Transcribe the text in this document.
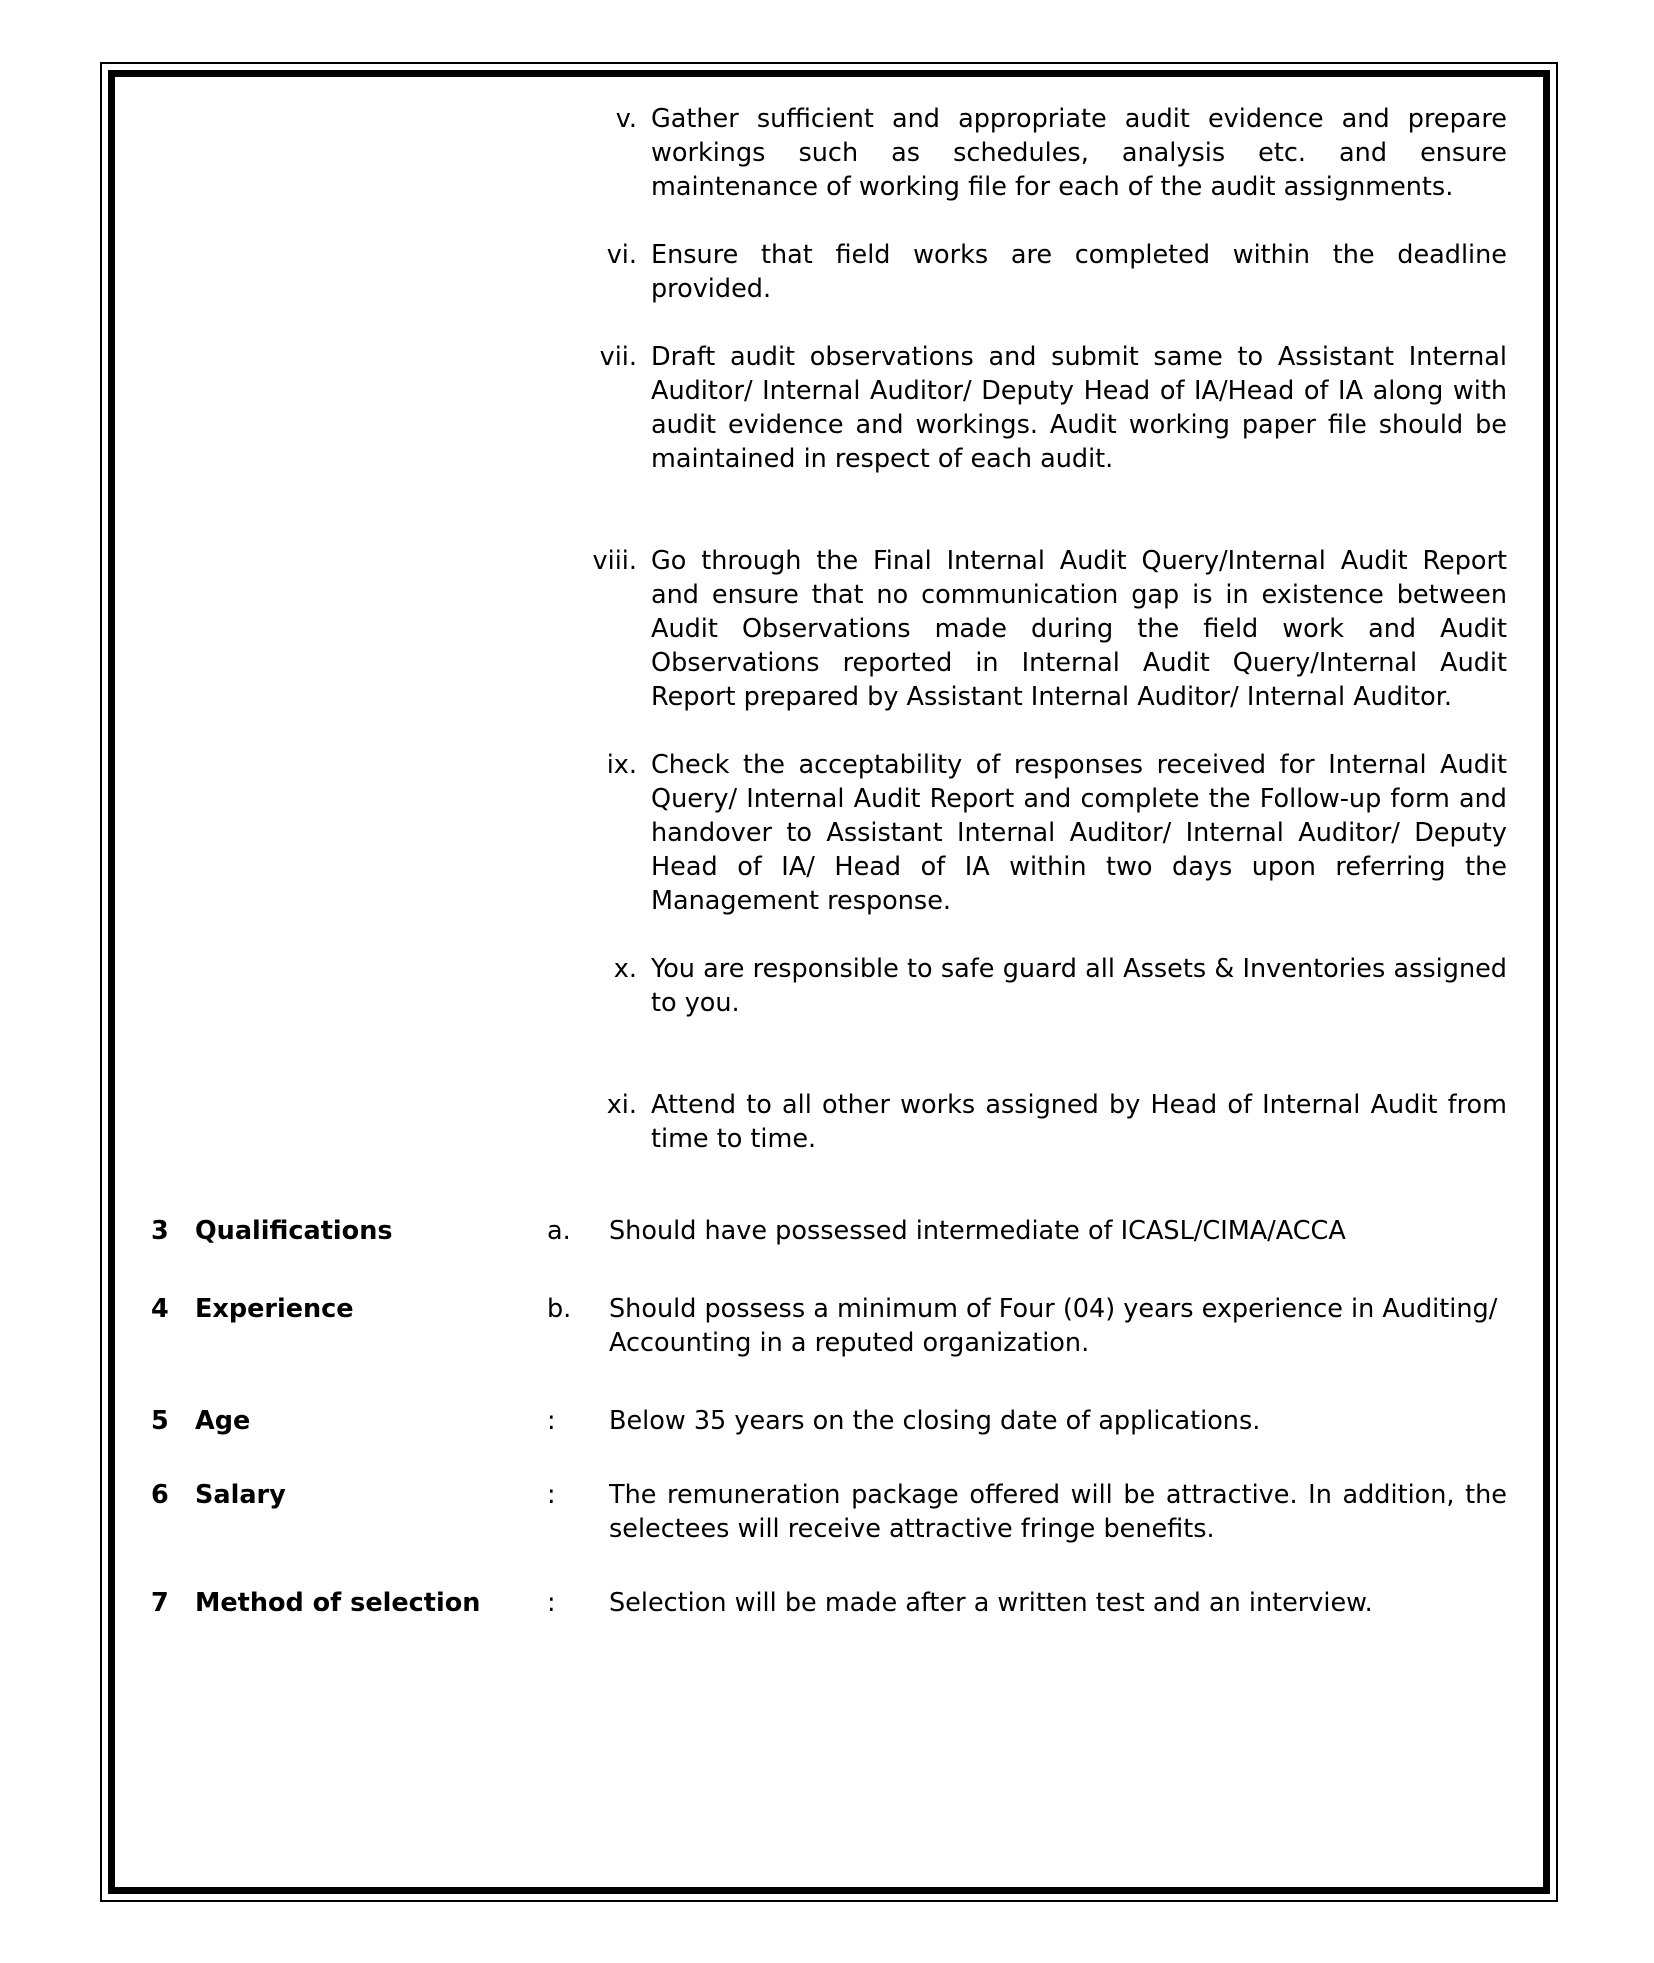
v. Gather sufficient and appropriate audit evidence and prepare workings such as schedules, analysis etc. and ensure maintenance of working file for each of the audit assignments.
vi. Ensure that field works are completed within the deadline provided.
vii. Draft audit observations and submit same to Assistant Internal Auditor/ Internal Auditor/ Deputy Head of IA/Head of IA along with audit evidence and workings. Audit working paper file should be maintained in respect of each audit.
viii. Go through the Final Internal Audit Query/Internal Audit Report and ensure that no communication gap is in existence between Audit Observations made during the field work and Audit Observations reported in Internal Audit Query/Internal Audit Report prepared by Assistant Internal Auditor/ Internal Auditor.
ix. Check the acceptability of responses received for Internal Audit Query/ Internal Audit Report and complete the Follow-up form and handover to Assistant Internal Auditor/ Internal Auditor/ Deputy Head of IA/ Head of IA within two days upon referring the Management response.
x. You are responsible to safe guard all Assets & Inventories assigned to you.
xi. Attend to all other works assigned by Head of Internal Audit from time to time.
3	Qualifications	a.	Should have possessed intermediate of ICASL/CIMA/ACCA
4	Experience	b.	Should possess a minimum of Four (04) years experience in Auditing/ Accounting in a reputed organization.
5	Age	:	Below 35 years on the closing date of applications.
6	Salary	:	The remuneration package offered will be attractive. In addition, the selectees will receive attractive fringe benefits.
7	Method of selection	:	Selection will be made after a written test and an interview.
